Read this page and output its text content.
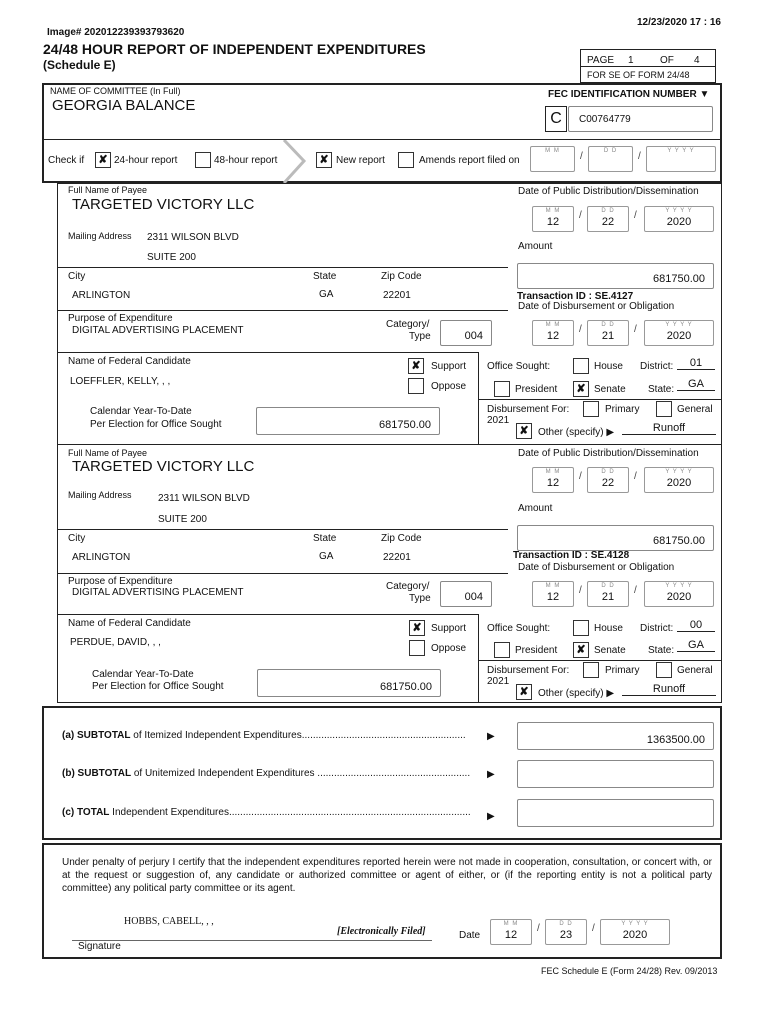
Image# 202012239393793620
12/23/2020 17 : 16
24/48 HOUR REPORT OF INDEPENDENT EXPENDITURES
(Schedule E)	PAGE 1	OF 4
FOR SE OF FORM 24/48
NAME OF COMMITTEE (In Full)
GEORGIA BALANCE
FEC IDENTIFICATION NUMBER ▼
C	C00764779
Check if	✘ 24-hour report	48-hour report	✘ New report	Amends report filed on
M M	/	D D	/	Y Y Y Y
Full Name of Payee
TARGETED VICTORY LLC
Mailing Address 2311 WILSON BLVD
SUITE 200
City	State	Zip Code
ARLINGTON	GA	22201
Purpose of Expenditure
DIGITAL ADVERTISING PLACEMENT
Category/
Type	004
Name of Federal Candidate
LOEFFLER, KELLY, , ,
✘	Support
Oppose
Calendar Year-To-Date
Per Election for Office Sought	681750.00
Date of Public Distribution/Dissemination
M M
12
/	D D
22
/	Y Y Y Y
2020
Amount
681750.00
Transaction ID : SE.4127
Date of Disbursement or Obligation
M M
12
/	D D
21
/	Y Y Y Y
2020
Office Sought:	House District:	01
President	✘ Senate State:	GA
Disbursement For:
2021
Primary	General
✘ Other (specify) ▶	Runoff
Full Name of Payee
TARGETED VICTORY LLC
Mailing Address	2311 WILSON BLVD
SUITE 200
City	State	Zip Code
ARLINGTON	GA	22201
Purpose of Expenditure
DIGITAL ADVERTISING PLACEMENT
Category/
Type	004
Name of Federal Candidate
PERDUE, DAVID, , ,
✘ Support
Oppose
Calendar Year-To-Date
Per Election for Office Sought	681750.00
Date of Public Distribution/Dissemination
M M
12
/	D D
22
/	Y Y Y Y
2020
Amount
681750.00
Transaction ID : SE.4128
Date of Disbursement or Obligation
M M
12
/	D D
21
/	Y Y Y Y
2020
Office Sought:	House District:	00
President	✘ Senate State:	GA
Disbursement For:
2021
Primary	General
✘ Other (specify) ▶	Runoff
(a) SUBTOTAL of Itemized Independent Expenditures........................................................... ▶	1363500.00
(b) SUBTOTAL of Unitemized Independent Expenditures ....................................................... ▶
(c) TOTAL Independent Expenditures....................................................................................... ▶
Under penalty of perjury I certify that the independent expenditures reported herein were not made in cooperation, consultation, or concert with, or at the request or suggestion of, any candidate or authorized committee or agent of either, or (if the reporting entity is not a political party committee) any political party committee or its agent.
HOBBS, CABELL, , ,
[Electronically Filed]
Signature
Date
M M
12
/	D D
23
/	Y Y Y Y
2020
FEC Schedule E (Form 24/28) Rev. 09/2013
